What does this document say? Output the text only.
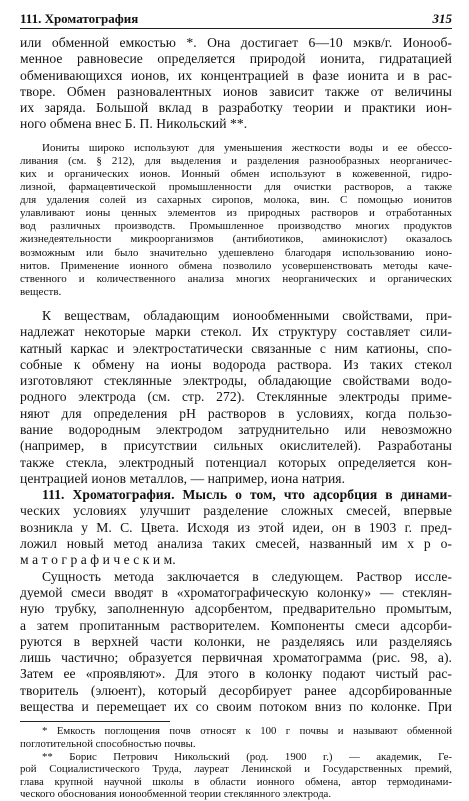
111. Хроматография	315
или обменной емкостью *. Она достигает 6—10 мэкв/г. Ионооб-
менное равновесие определяется природой ионита, гидратацией
обменивающихся ионов, их концентрацией в фазе ионита и в рас-
творе. Обмен разновалентных ионов зависит также от величины
их заряда. Большой вклад в разработку теории и практики ион-
ного обмена внес Б. П. Никольский **.
Иониты широко используют для уменьшения жесткости воды и ее обессо-
ливания (см. § 212), для выделения и разделения разнообразных неорганичес-
ких и органических ионов. Ионный обмен используют в кожевенной, гидро-
лизной, фармацевтической промышленности для очистки растворов, а также
для удаления солей из сахарных сиропов, молока, вин. С помощью ионитов
улавливают ионы ценных элементов из природных растворов и отработанных
вод различных производств. Промышленное производство многих продуктов
жизнедеятельности микроорганизмов (антибиотиков, аминокислот) оказалось
возможным или было значительно удешевлено благодаря использованию ионо-
нитов. Применение ионного обмена позволило усовершенствовать методы каче-
ственного и количественного анализа многих неорганических и органических
веществ.
К веществам, обладающим ионообменными свойствами, при-
надлежат некоторые марки стекол. Их структуру составляет сили-
катный каркас и электростатически связанные с ним катионы, спо-
собные к обмену на ионы водорода раствора. Из таких стекол
изготовляют стеклянные электроды, обладающие свойствами водо-
родного электрода (см. стр. 272). Стеклянные электроды приме-
няют для определения pH растворов в условиях, когда пользо-
вание водородным электродом затруднительно или невозможно
(например, в присутствии сильных окислителей). Разработаны
также стекла, электродный потенциал которых определяется кон-
центрацией ионов металлов, — например, иона натрия.
111. Хроматография. Мысль о том, что адсорбция в динами-
ческих условиях улучшит разделение сложных смесей, впервые
возникла у М. С. Цвета. Исходя из этой идеи, он в 1903 г. пред-
ложил новый метод анализа таких смесей, названный им х р о-
м а т о г р а ф и ч е с к и м.
Сущность метода заключается в следующем. Раствор иссле-
дуемой смеси вводят в «хроматографическую колонку» — стеклян-
ную трубку, заполненную адсорбентом, предварительно промытым,
а затем пропитанным растворителем. Компоненты смеси адсорби-
руются в верхней части колонки, не разделяясь или разделяясь
лишь частично; образуется первичная хроматограмма (рис. 98, а).
Затем ее «проявляют». Для этого в колонку подают чистый рас-
творитель (элюент), который десорбирует ранее адсорбированные
вещества и перемещает их со своим потоком вниз по колонке. При
* Емкость поглощения почв относят к 100 г почвы и называют обменной
поглотительной способностью почвы.
** Борис Петрович Никольский (род. 1900 г.) — академик, Ге-
рой Социалистического Труда, лауреат Ленинской и Государственных премий,
глава крупной научной школы в области ионного обмена, автор термодинами-
ческого обоснования ионообменной теории стеклянного электрода.
